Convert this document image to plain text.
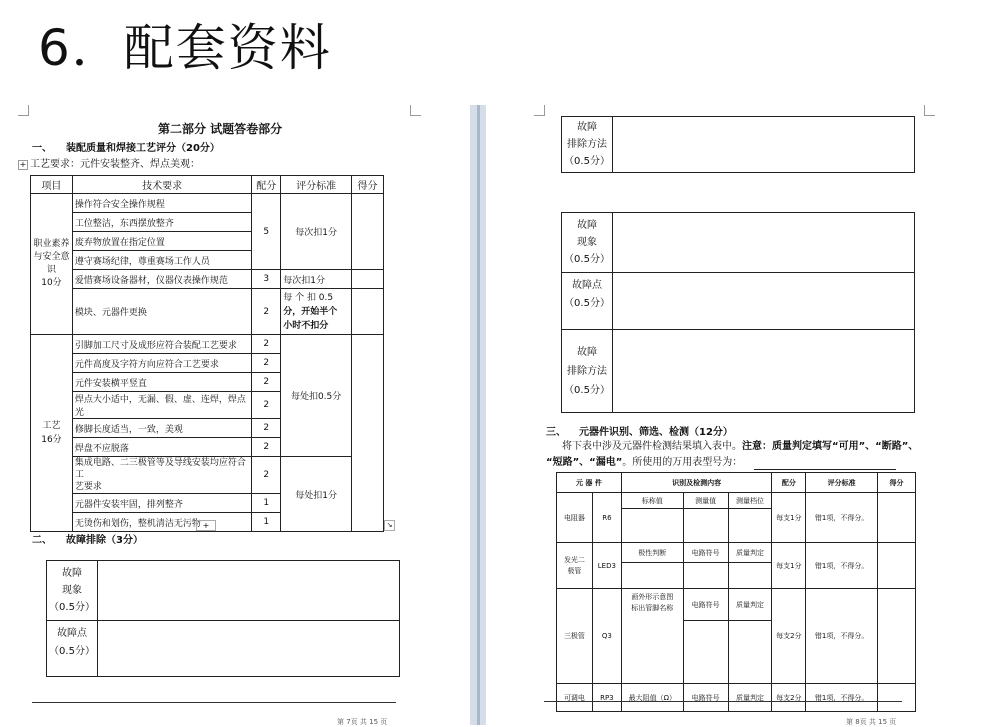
6．配套资料
第二部分 试题答卷部分
一、 装配质量和焊接工艺评分（20分）
+ 工艺要求：元件安装整齐、焊点美观：
项目	技术要求	配分	评分标准	得分

职业素养
与安全意
识
10分	操作符合安全操作规程	5	每次扣1分	
	工位整洁，东西摆放整齐			
	废弃物放置在指定位置			
	遵守赛场纪律，尊重赛场工作人员			
	爱惜赛场设备器材，仪器仪表操作规范	3	每次扣1分	
	模块、元器件更换	2	每 个 扣 0.5
分，开始半个
小时不扣分	

工艺
16分	引脚加工尺寸及成形应符合装配工艺要求	2	每处扣0.5分	
	元件高度及字符方向应符合工艺要求	2		
	元件安装横平竖直	2		
	焊点大小适中，无漏、假、虚、连焊，焊点光	2		
	修脚长度适当，一致，美观	2		
	焊盘不应脱落	2		

	集成电路、二三极管等及导线安装均应符合工
艺要求	2	每处扣1分	
	元器件安装牢固，排列整齐	1		
	无烫伤和划伤，整机清洁无污物	1		
+	↘
二、 故障排除（3分）
故障
现象
（0.5分）	

故障点
（0.5分）	

第 7页 共 15 页
故障
排除方法
（0.5分）

故障
现象
（0.5分）	

故障点
（0.5分）	

故障
排除方法
（0.5分）	

三、 元器件识别、筛选、检测（12分）
将下表中涉及元器件检测结果填入表中。注意：质量判定填写“可用”、“断路”、
“短路”、“漏电”。所使用的万用表型号为：
元 器 件		识别及检测内容			配分	评分标准	得分
电阻器	R6	标称值	测量值	测量档位	每支1分	错1项，不得分。	

发光二
极管	LED3	极性判断	电路符号	质量判定	每支1分	错1项，不得分。	

三极管	Q3	画外形示意图
标出管脚名称	电路符号	质量判定	每支2分	错1项，不得分。	

可调电	RP3	最大阻值（Ω）	电路符号	质量判定	每支2分	错1项，不得分。	
第 8页 共 15 页
